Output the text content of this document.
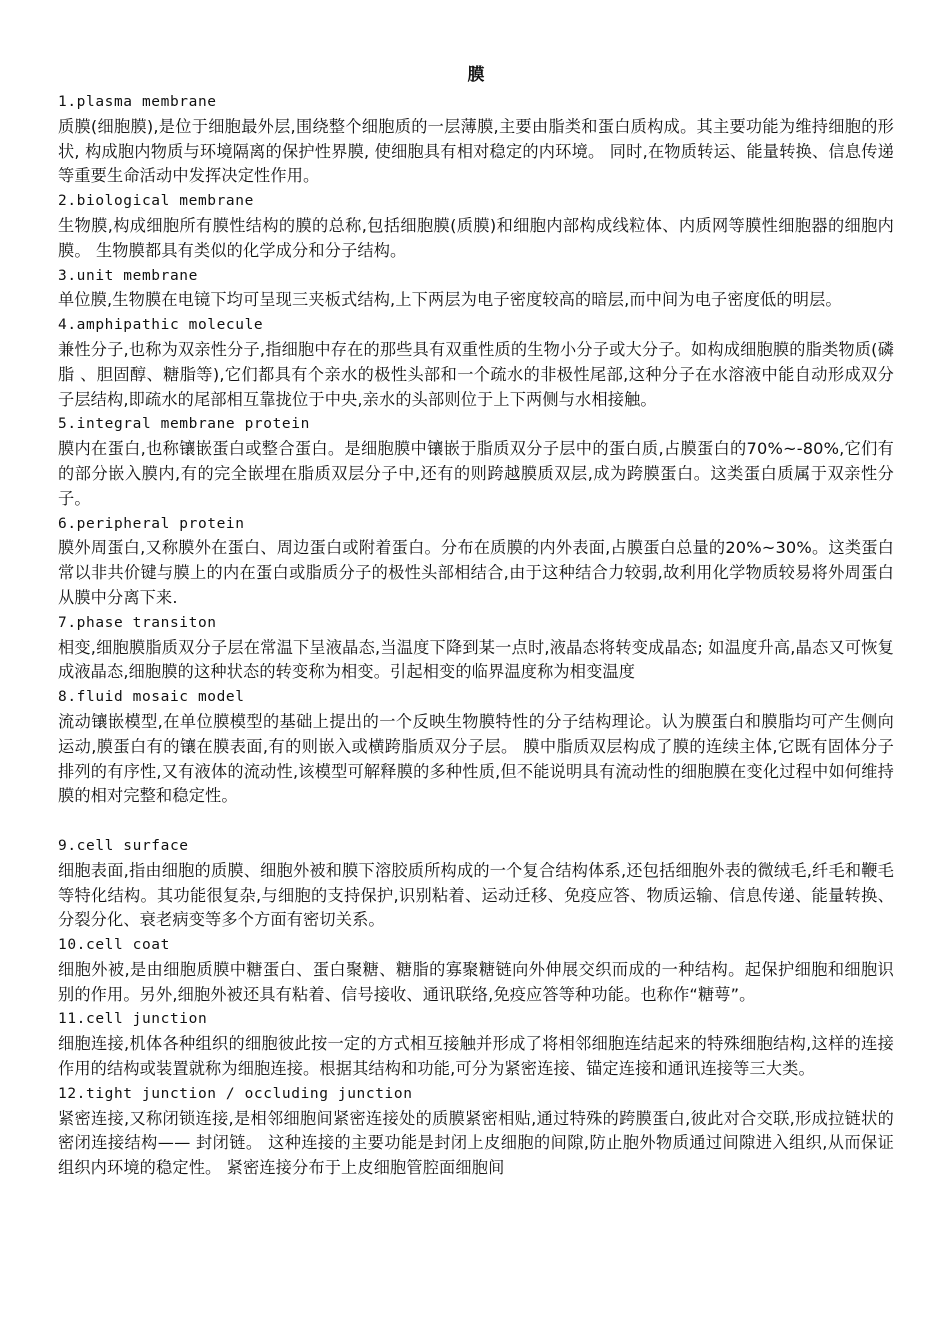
膜

1.plasma membrane

质膜(细胞膜),是位于细胞最外层,围绕整个细胞质的一层薄膜,主要由脂类和蛋白质构成。其主要功能为维持细胞的形状, 构成胞内物质与环境隔离的保护性界膜, 使细胞具有相对稳定的内环境。 同时,在物质转运、能量转换、信息传递等重要生命活动中发挥决定性作用。

2.biological membrane

生物膜,构成细胞所有膜性结构的膜的总称,包括细胞膜(质膜)和细胞内部构成线粒体、内质网等膜性细胞器的细胞内膜。 生物膜都具有类似的化学成分和分子结构。

3.unit membrane

单位膜,生物膜在电镜下均可呈现三夹板式结构,上下两层为电子密度较高的暗层,而中间为电子密度低的明层。

4.amphipathic molecule

兼性分子,也称为双亲性分子,指细胞中存在的那些具有双重性质的生物小分子或大分子。如构成细胞膜的脂类物质(磷脂 、胆固醇、糖脂等),它们都具有个亲水的极性头部和一个疏水的非极性尾部,这种分子在水溶液中能自动形成双分子层结构,即疏水的尾部相互靠拢位于中央,亲水的头部则位于上下两侧与水相接触。

5.integral membrane protein

膜内在蛋白,也称镶嵌蛋白或整合蛋白。是细胞膜中镶嵌于脂质双分子层中的蛋白质,占膜蛋白的70%~-80%,它们有的部分嵌入膜内,有的完全嵌埋在脂质双层分子中,还有的则跨越膜质双层,成为跨膜蛋白。这类蛋白质属于双亲性分子。

6.peripheral protein

膜外周蛋白,又称膜外在蛋白、周边蛋白或附着蛋白。分布在质膜的内外表面,占膜蛋白总量的20%~30%。这类蛋白常以非共价键与膜上的内在蛋白或脂质分子的极性头部相结合,由于这种结合力较弱,故利用化学物质较易将外周蛋白从膜中分离下来.

7.phase transiton

相变,细胞膜脂质双分子层在常温下呈液晶态,当温度下降到某一点时,液晶态将转变成晶态; 如温度升高,晶态又可恢复成液晶态,细胞膜的这种状态的转变称为相变。引起相变的临界温度称为相变温度

8.fluid mosaic model

流动镶嵌模型,在单位膜模型的基础上提出的一个反映生物膜特性的分子结构理论。认为膜蛋白和膜脂均可产生侧向运动,膜蛋白有的镶在膜表面,有的则嵌入或横跨脂质双分子层。 膜中脂质双层构成了膜的连续主体,它既有固体分子排列的有序性,又有液体的流动性,该模型可解释膜的多种性质,但不能说明具有流动性的细胞膜在变化过程中如何维持膜的相对完整和稳定性。

9.cell surface

细胞表面,指由细胞的质膜、细胞外被和膜下溶胶质所构成的一个复合结构体系,还包括细胞外表的微绒毛,纤毛和鞭毛等特化结构。其功能很复杂,与细胞的支持保护,识别粘着、运动迁移、免疫应答、物质运输、信息传递、能量转换、分裂分化、衰老病变等多个方面有密切关系。

10.cell coat

细胞外被,是由细胞质膜中糖蛋白、蛋白聚糖、糖脂的寡聚糖链向外伸展交织而成的一种结构。起保护细胞和细胞识别的作用。另外,细胞外被还具有粘着、信号接收、通讯联络,免疫应答等种功能。也称作“糖萼”。

11.cell junction

细胞连接,机体各种组织的细胞彼此按一定的方式相互接触并形成了将相邻细胞连结起来的特殊细胞结构,这样的连接作用的结构或装置就称为细胞连接。根据其结构和功能,可分为紧密连接、锚定连接和通讯连接等三大类。

12.tight junction / occluding junction

紧密连接,又称闭锁连接,是相邻细胞间紧密连接处的质膜紧密相贴,通过特殊的跨膜蛋白,彼此对合交联,形成拉链状的密闭连接结构—— 封闭链。 这种连接的主要功能是封闭上皮细胞的间隙,防止胞外物质通过间隙进入组织,从而保证组织内环境的稳定性。 紧密连接分布于上皮细胞管腔面细胞间
